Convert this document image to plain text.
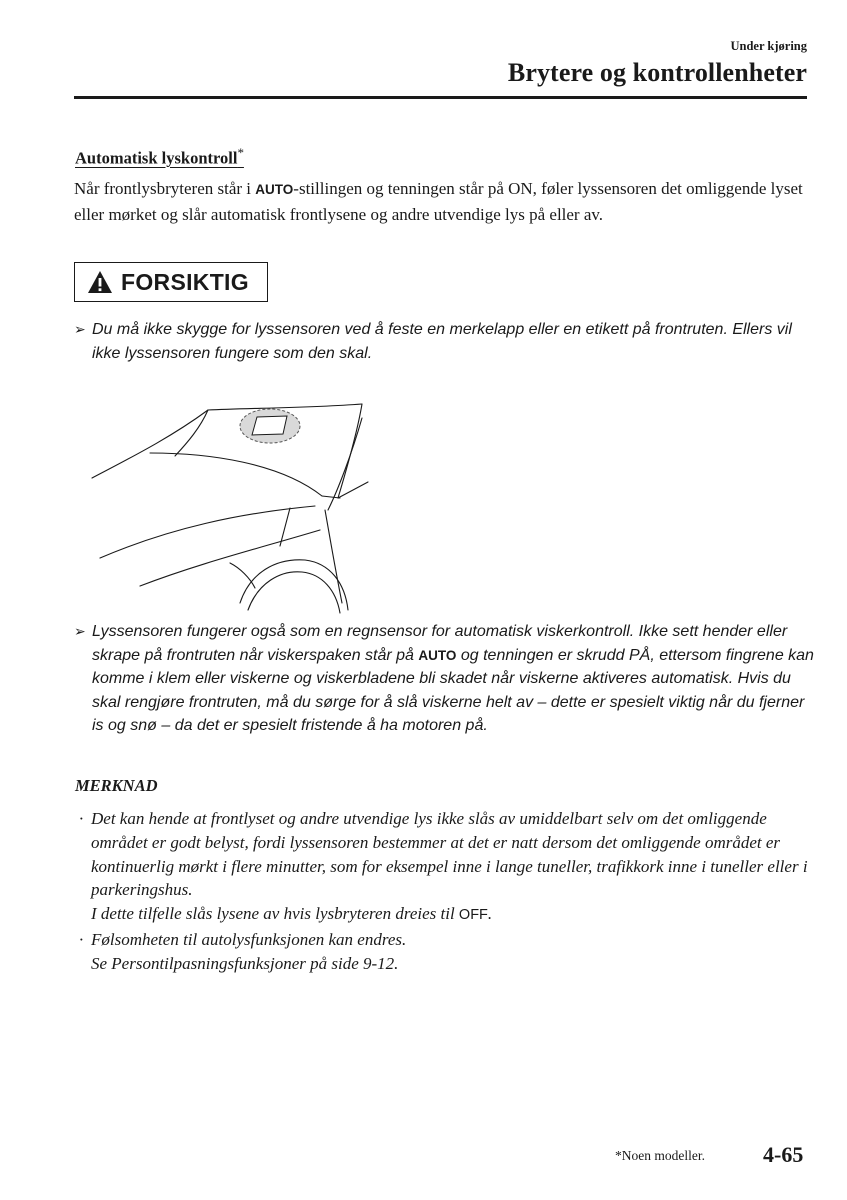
Under kjøring
Brytere og kontrollenheter
Automatisk lyskontroll*
Når frontlysbryteren står i AUTO-stillingen og tenningen står på ON, føler lyssensoren det omliggende lyset eller mørket og slår automatisk frontlysene og andre utvendige lys på eller av.
FORSIKTIG
➢ Du må ikke skygge for lyssensoren ved å feste en merkelapp eller en etikett på frontruten. Ellers vil ikke lyssensoren fungere som den skal.
➢ Lyssensoren fungerer også som en regnsensor for automatisk viskerkontroll. Ikke sett hender eller skrape på frontruten når viskerspaken står på AUTO og tenningen er skrudd PÅ, ettersom fingrene kan komme i klem eller viskerne og viskerbladene bli skadet når viskerne aktiveres automatisk. Hvis du skal rengjøre frontruten, må du sørge for å slå viskerne helt av – dette er spesielt viktig når du fjerner is og snø – da det er spesielt fristende å ha motoren på.
MERKNAD
· Det kan hende at frontlyset og andre utvendige lys ikke slås av umiddelbart selv om det omliggende området er godt belyst, fordi lyssensoren bestemmer at det er natt dersom det omliggende området er kontinuerlig mørkt i flere minutter, som for eksempel inne i lange tuneller, trafikkork inne i tuneller eller i parkeringshus.
I dette tilfelle slås lysene av hvis lysbryteren dreies til OFF.
· Følsomheten til autolysfunksjonen kan endres.
Se Persontilpasningsfunksjoner på side 9-12.
*Noen modeller.	4-65
